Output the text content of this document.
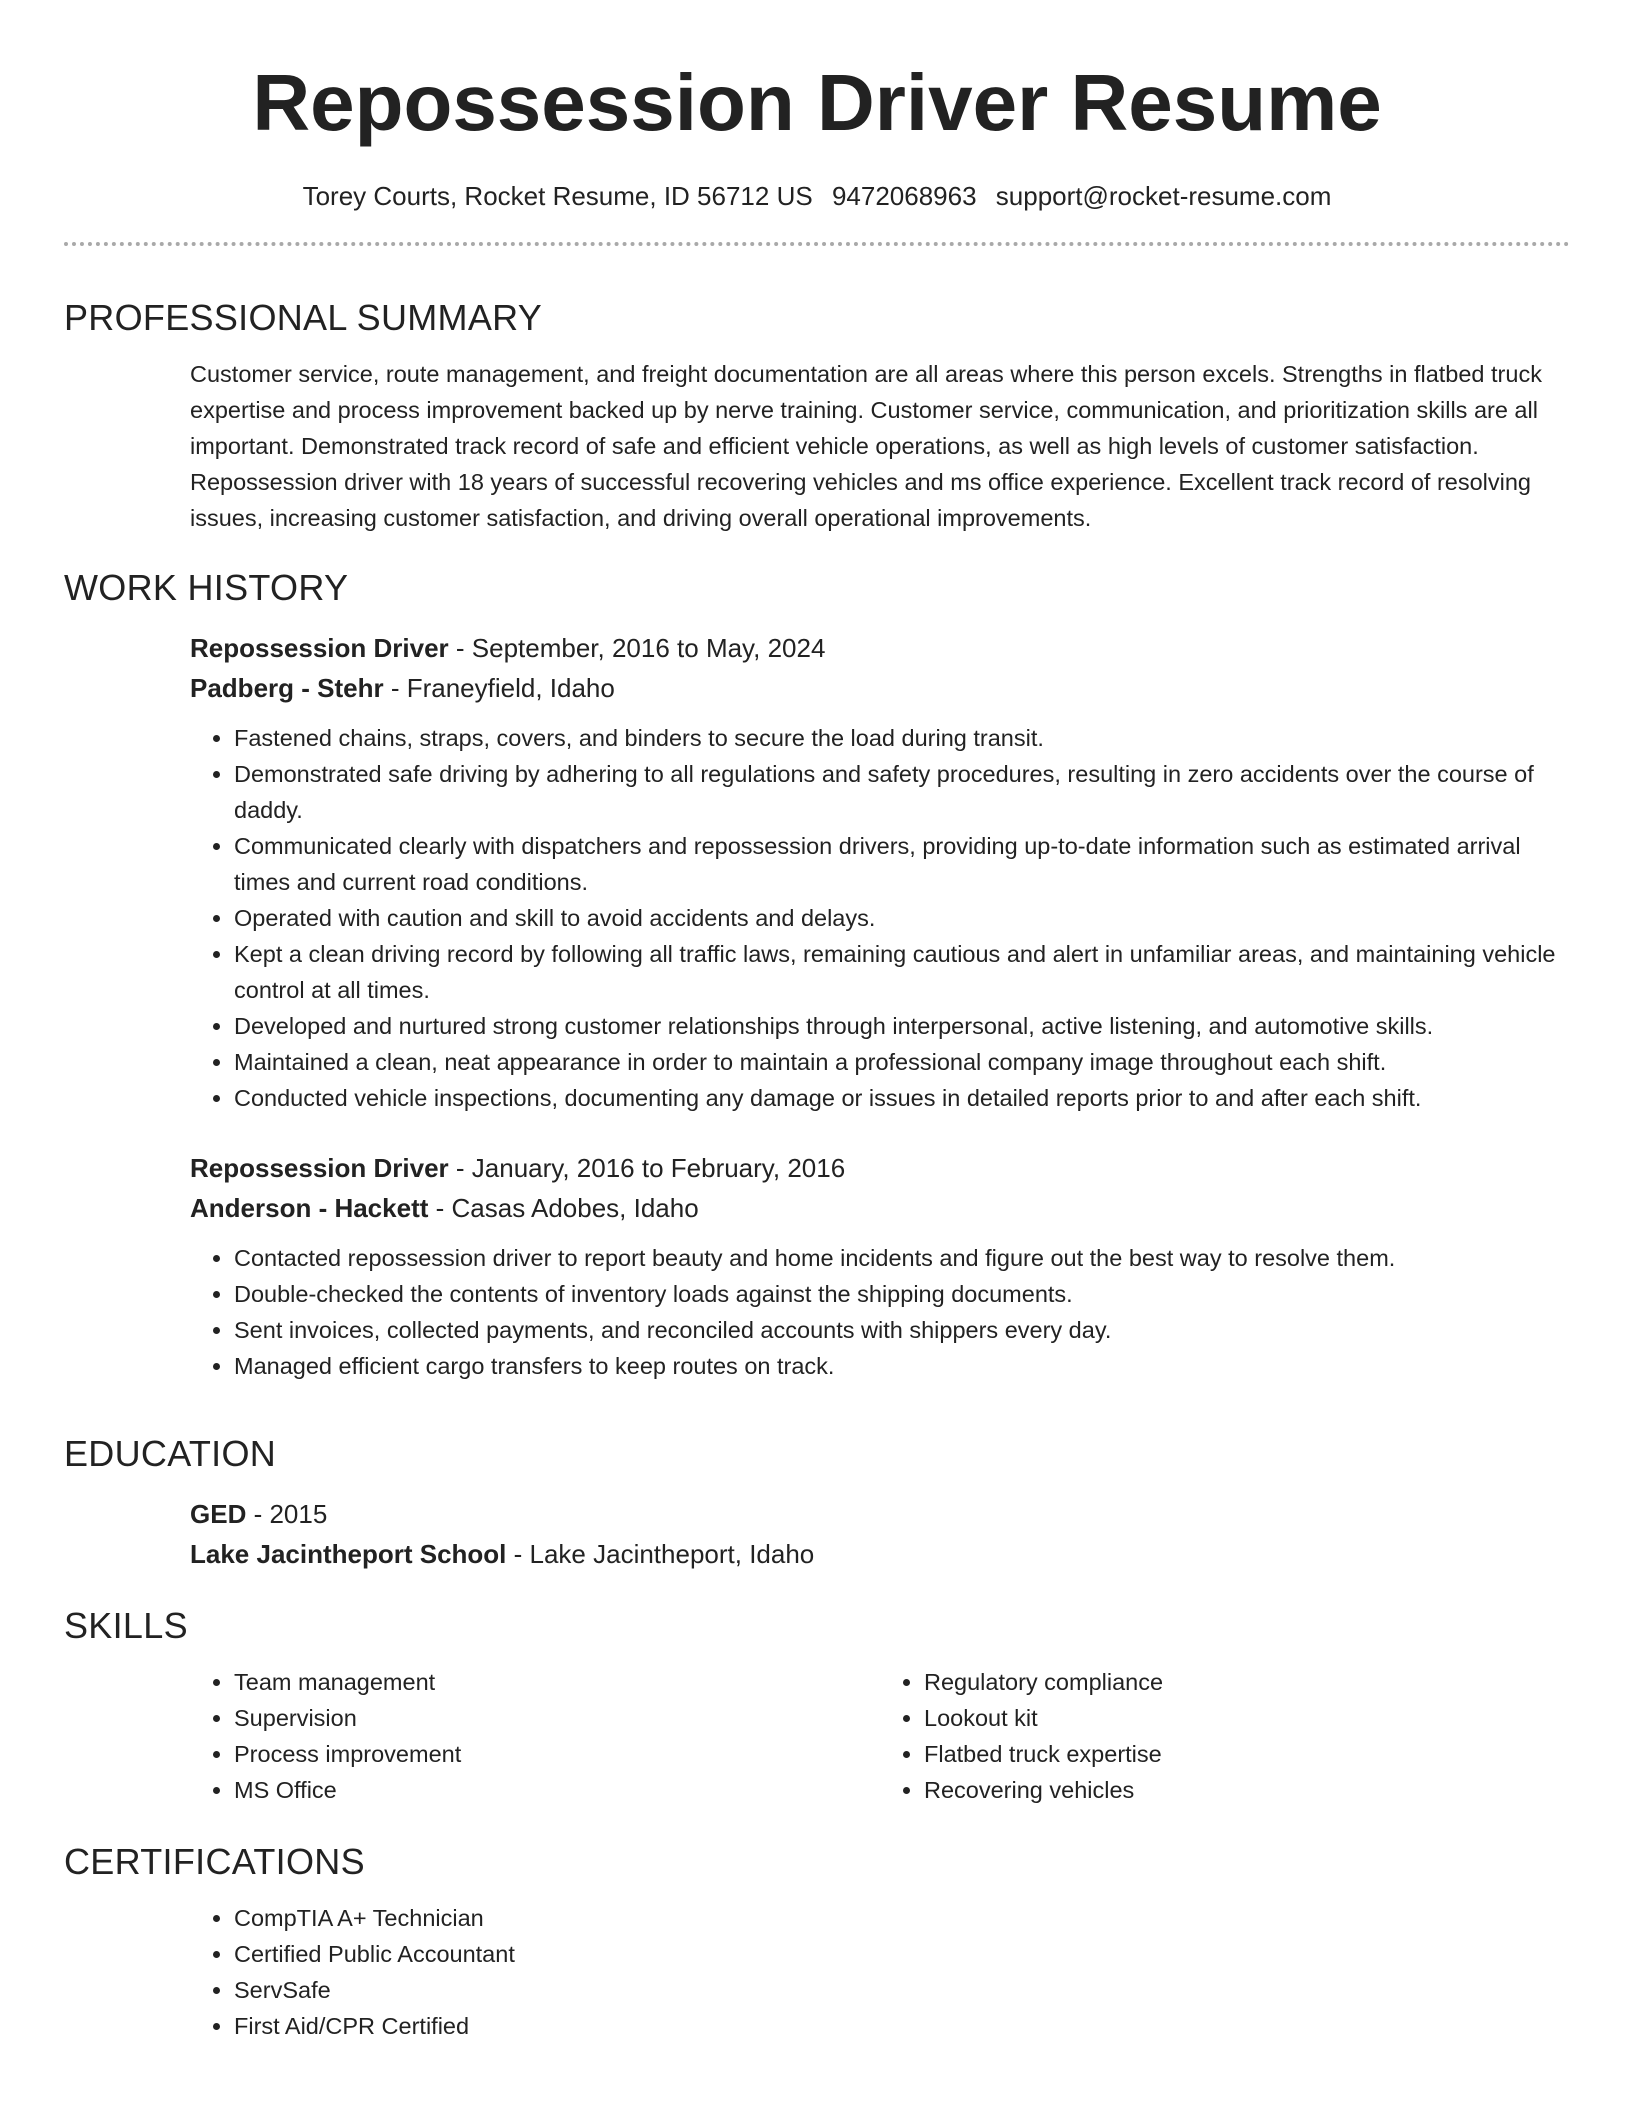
Repossession Driver Resume
Torey Courts, Rocket Resume, ID 56712 US 9472068963 support@rocket-resume.com
PROFESSIONAL SUMMARY
Customer service, route management, and freight documentation are all areas where this person excels. Strengths in flatbed truck expertise and process improvement backed up by nerve training. Customer service, communication, and prioritization skills are all important. Demonstrated track record of safe and efficient vehicle operations, as well as high levels of customer satisfaction. Repossession driver with 18 years of successful recovering vehicles and ms office experience. Excellent track record of resolving issues, increasing customer satisfaction, and driving overall operational improvements.
WORK HISTORY
Repossession Driver - September, 2016 to May, 2024
Padberg - Stehr - Franeyfield, Idaho
• Fastened chains, straps, covers, and binders to secure the load during transit.
• Demonstrated safe driving by adhering to all regulations and safety procedures, resulting in zero accidents over the course of daddy.
• Communicated clearly with dispatchers and repossession drivers, providing up-to-date information such as estimated arrival times and current road conditions.
• Operated with caution and skill to avoid accidents and delays.
• Kept a clean driving record by following all traffic laws, remaining cautious and alert in unfamiliar areas, and maintaining vehicle control at all times.
• Developed and nurtured strong customer relationships through interpersonal, active listening, and automotive skills.
• Maintained a clean, neat appearance in order to maintain a professional company image throughout each shift.
• Conducted vehicle inspections, documenting any damage or issues in detailed reports prior to and after each shift.
Repossession Driver - January, 2016 to February, 2016
Anderson - Hackett - Casas Adobes, Idaho
• Contacted repossession driver to report beauty and home incidents and figure out the best way to resolve them.
• Double-checked the contents of inventory loads against the shipping documents.
• Sent invoices, collected payments, and reconciled accounts with shippers every day.
• Managed efficient cargo transfers to keep routes on track.
EDUCATION
GED - 2015
Lake Jacintheport School - Lake Jacintheport, Idaho
SKILLS
• Team management
• Supervision
• Process improvement
• MS Office
• Regulatory compliance
• Lookout kit
• Flatbed truck expertise
• Recovering vehicles
CERTIFICATIONS
• CompTIA A+ Technician
• Certified Public Accountant
• ServSafe
• First Aid/CPR Certified
